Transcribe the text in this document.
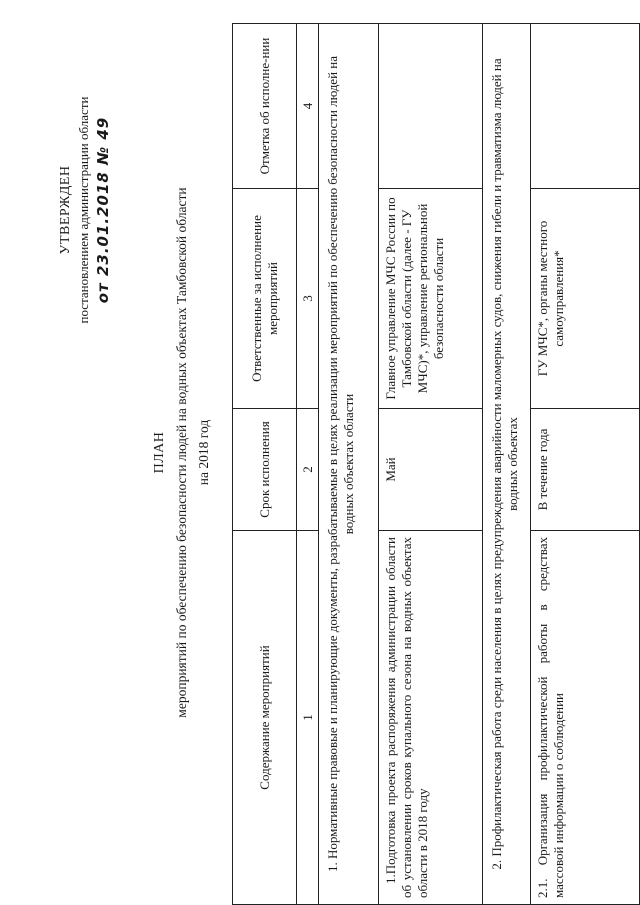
УТВЕРЖДЕН постановлением администрации области от 23.01.2018 № 49
ПЛАН мероприятий по обеспечению безопасности людей на водных объектах Тамбовской области на 2018 год
Содержание мероприятий
Срок исполнения
Ответственные за исполнение мероприятий
Отметка об исполне-нии
1
2
3
4 1. Нормативные правовые и планирующие документы, разрабатываемые в целях реализации мероприятий по обеспечению безопасности людей на водных объектах области
1.Подготовка проекта распоряжения администрации области об установлении сроков купального сезона на водных объектах области в 2018 году
Май
Главное управление МЧС России по Тамбовской области (далее - ГУ МЧС)*, управление региональной безопасности области	2. Профилактическая работа среди населения в целях предупреждения аварийности маломерных судов, снижения гибели и травматизма людей на водных объектах
2.1. Организация профилактической работы в средствах массовой информации о соблюдении
В течение года
ГУ МЧС*, органы местного самоуправления*
